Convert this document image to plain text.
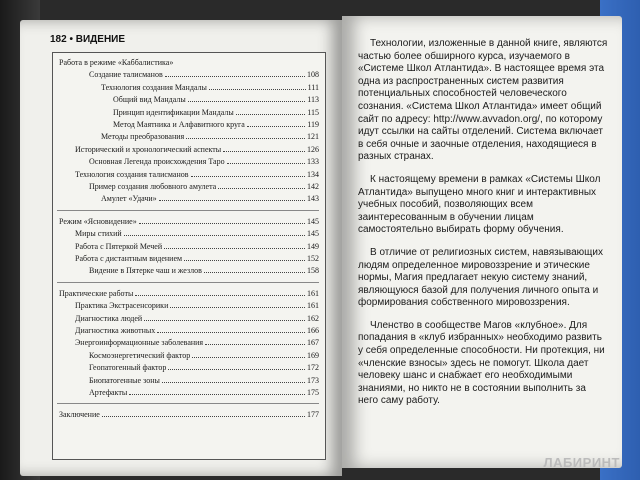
182 • ВИДЕНИЕ
Работа в режиме «Каббалистика»
Создание талисманов	108
Технология создания Мандалы	111
Общий вид Мандалы	113
Принцип идентификации Мандалы	115
Метод Маятника и Алфавитного круга	119
Методы преобразования	121
Исторический и хронологический аспекты	126
Основная Легенда происхождения Таро	133
Технология создания талисманов	134
Пример создания любовного амулета	142
Амулет «Удачи»	143
Режим «Ясновидение»	145
Миры стихий	145
Работа с Пятеркой Мечей	149
Работа с дистантным видением	152
Видение в Пятерке чаш и жезлов	158
Практические работы	161
Практика Экстрасенсорики	161
Диагностика людей	162
Диагностика животных	166
Энергоинформационные заболевания	167
Космоэнергетический фактор	169
Геопатогенный фактор	172
Биопатогенные зоны	173
Артефакты	175
Заключение	177

Технологии, изложенные в данной книге, являются частью более обширного курса, изучаемого в «Системе Школ Атлантида». В настоящее время эта одна из распространенных систем развития потенциальных способностей человеческого сознания. «Система Школ Атлантида» имеет общий сайт по адресу: http://www.avvadon.org/, по которому идут ссылки на сайты отделений. Система включает в себя очные и заочные отделения, находящиеся в разных странах.

К настоящему времени в рамках «Системы Школ Атлантида» выпущено много книг и интерактивных учебных пособий, позволяющих всем заинтересованным в обучении лицам самостоятельно выбирать форму обучения.

В отличие от религиозных систем, навязывающих людям определенное мировоззрение и этические нормы, Магия предлагает некую систему знаний, являющуюся базой для получения личного опыта и формирования собственного мировоззрения.

Членство в сообществе Магов «клубное». Для попадания в «клуб избранных» необходимо развить у себя определенные способности. Ни протекция, ни «членские взносы» здесь не помогут. Школа дает человеку шанс и снабжает его необходимыми знаниями, но никто не в состоянии выполнить за него саму работу.

ЛАБИРИНТ
